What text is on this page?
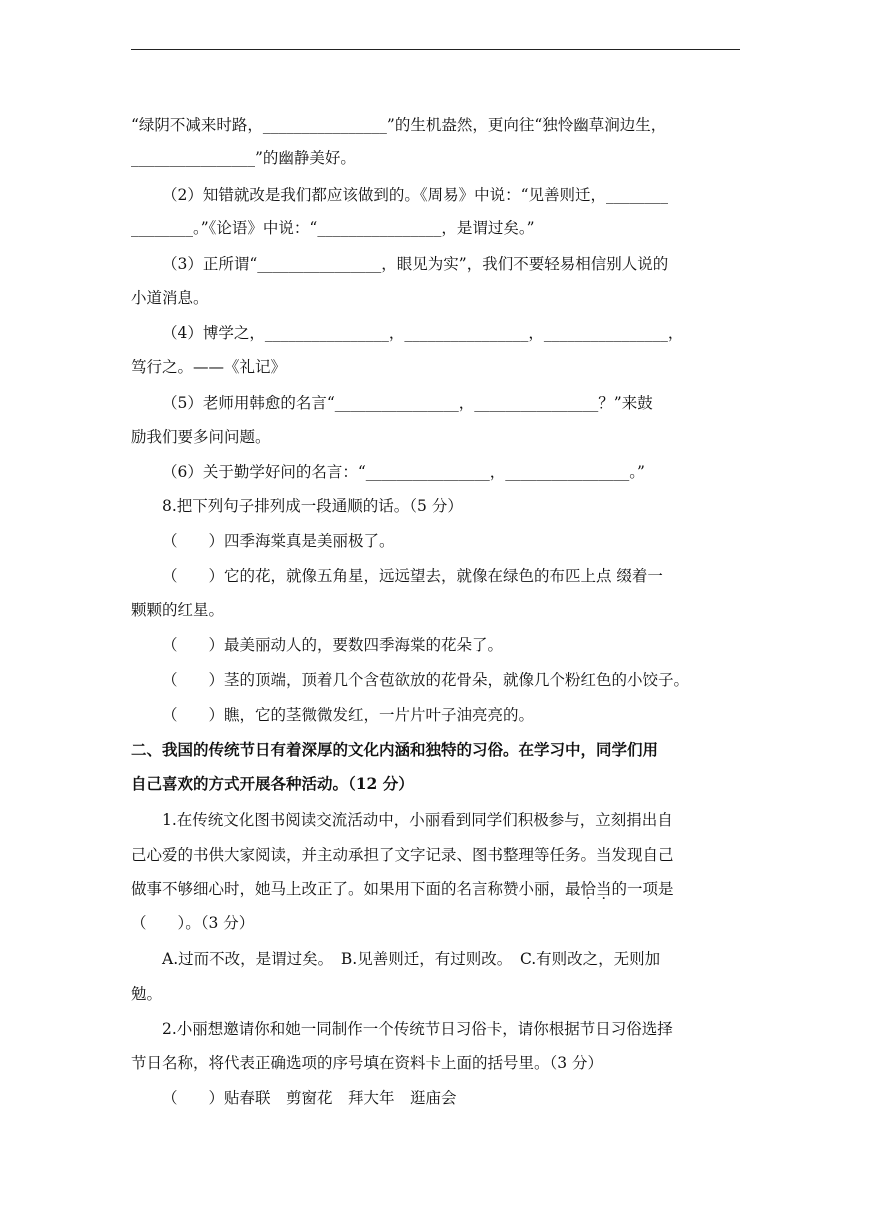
“绿阴不减来时路，________________”的生机盎然，更向往“独怜幽草涧边生，
________________”的幽静美好。
（2）知错就改是我们都应该做到的。《周易》中说：“见善则迁，________
________。”《论语》中说：“________________，是谓过矣。”
（3）正所谓“________________，眼见为实”，我们不要轻易相信别人说的
小道消息。
（4）博学之，________________，________________，________________，
笃行之。——《礼记》
（5）老师用韩愈的名言“________________，________________？”来鼓
励我们要多问问题。
（6）关于勤学好问的名言：“________________，________________。”
8.把下列句子排列成一段通顺的话。（5 分）
（　　）四季海棠真是美丽极了。
（　　）它的花，就像五角星，远远望去，就像在绿色的布匹上点 缀着一
颗颗的红星。
（　　）最美丽动人的，要数四季海棠的花朵了。
（　　）茎的顶端，顶着几个含苞欲放的花骨朵，就像几个粉红色的小饺子。
（　　）瞧，它的茎微微发红，一片片叶子油亮亮的。
二、我国的传统节日有着深厚的文化内涵和独特的习俗。在学习中，同学们用
自己喜欢的方式开展各种活动。（12 分）
1.在传统文化图书阅读交流活动中，小丽看到同学们积极参与，立刻捐出自
己心爱的书供大家阅读，并主动承担了文字记录、图书整理等任务。当发现自己
做事不够细心时，她马上改正了。如果用下面的名言称赞小丽，最恰当的一项是
（　　）。（3 分）
A.过而不改，是谓过矣。　B.见善则迁，有过则改。　C.有则改之，无则加
勉。
2.小丽想邀请你和她一同制作一个传统节日习俗卡，请你根据节日习俗选择
节日名称，将代表正确选项的序号填在资料卡上面的括号里。（3 分）
（　　）贴春联　剪窗花　拜大年　逛庙会
